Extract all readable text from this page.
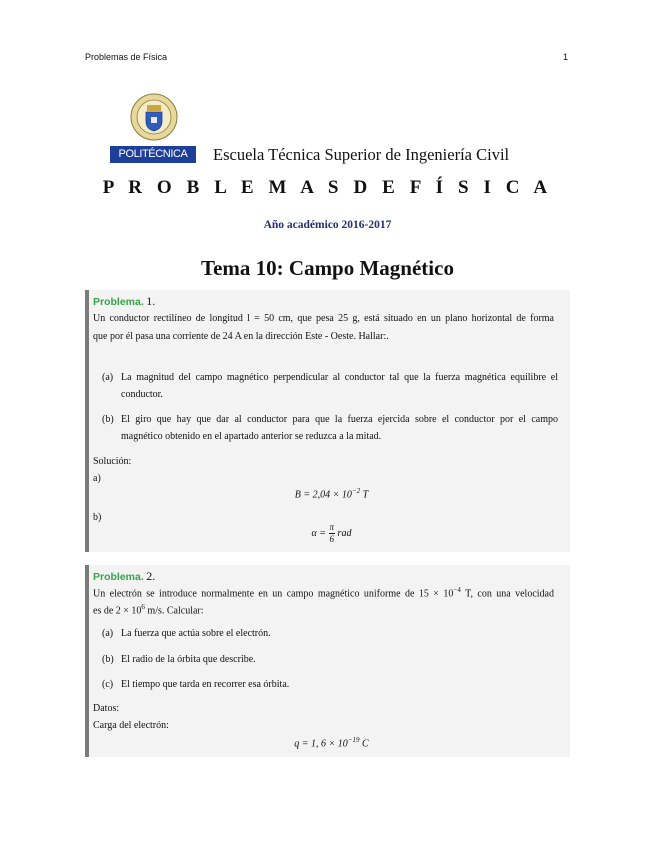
Problemas de Física	1
POLITÉCNICA	Escuela Técnica Superior de Ingeniería Civil
P R O B L E M A S D E F Í S I C A
Año académico 2016-2017
Tema 10: Campo Magnético
Problema. 1.
Un conductor rectilíneo de longitud l = 50 cm, que pesa 25 g, está situado en un plano horizontal de forma
que por él pasa una corriente de 24 A en la dirección Este - Oeste. Hallar:.
(a) La magnitud del campo magnético perpendicular al conductor tal que la fuerza magnética equilibre el
conductor.
(b) El giro que hay que dar al conductor para que la fuerza ejercida sobre el conductor por el campo
magnético obtenido en el apartado anterior se reduzca a la mitad.
Solución:
a)
$B = 2,04 \times 10^{-2}$ T
b)
$\alpha = \frac{\pi}{6}$ rad
Problema. 2.
Un electrón se introduce normalmente en un campo magnético uniforme de $15 \times 10^{-4}$ T, con una velocidad
es de $2 \times 10^6$ m/s. Calcular:
(a) La fuerza que actúa sobre el electrón.
(b) El radio de la órbita que describe.
(c) El tiempo que tarda en recorrer esa órbita.
Datos:
Carga del electrón:
q = 1, $6 \times 10^{-19}$ C
